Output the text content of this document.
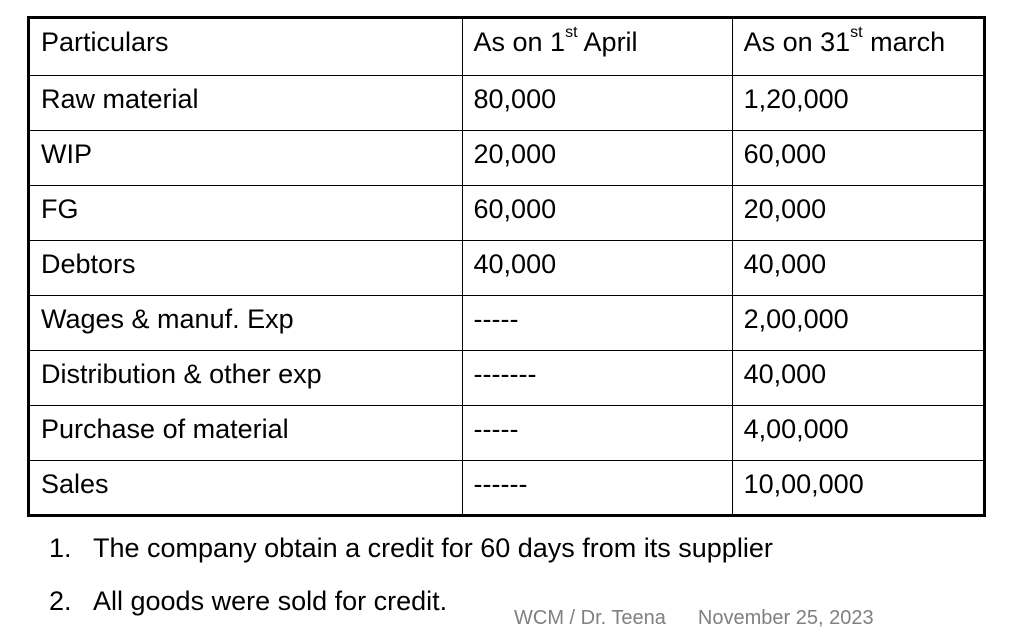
Particulars	As on 1st April	As on 31st march
Raw material	80,000	1,20,000
WIP	20,000	60,000
FG	60,000	20,000
Debtors	40,000	40,000
Wages & manuf. Exp	-----	2,00,000
Distribution & other exp	-------	40,000
Purchase of material	-----	4,00,000
Sales	------	10,00,000
1. The company obtain a credit for 60 days from its supplier
2. All goods were sold for credit.
WCM / Dr. Teena November 25, 2023
